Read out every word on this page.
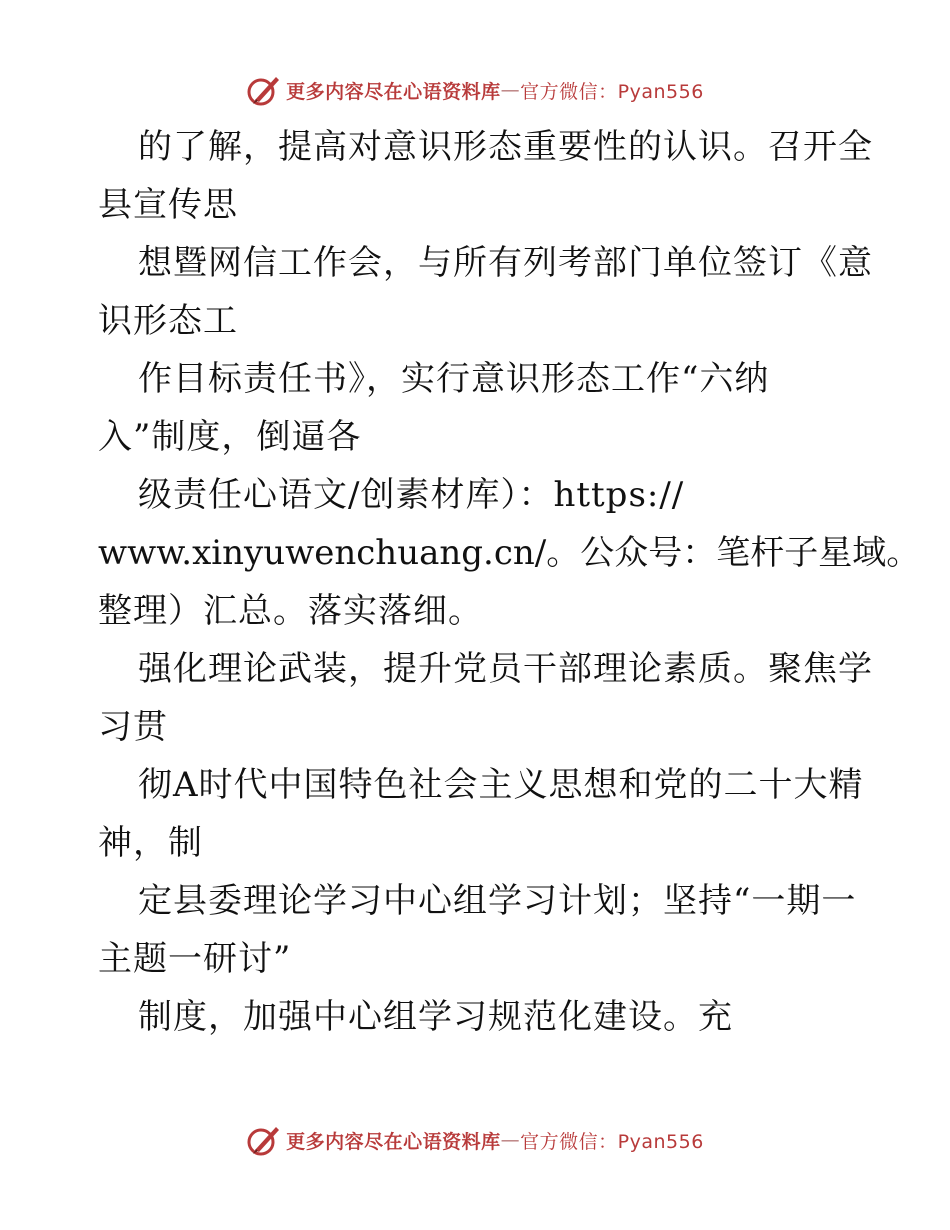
更多内容尽在心语资料库 — 官方微信：Pyan556
的了解，提高对意识形态重要性的认识。召开全
县宣传思
想暨网信工作会，与所有列考部门单位签订《意
识形态工
作目标责任书》，实行意识形态工作“六纳
入”制度，倒逼各
级责任心语文/创素材库）：https://
www.xinyuwenchuang.cn/。公众号：笔杆子星域。
整理）汇总。落实落细。
强化理论武装，提升党员干部理论素质。聚焦学
习贯
彻A时代中国特色社会主义思想和党的二十大精
神，制
定县委理论学习中心组学习计划；坚持“一期一
主题一研讨”
制度，加强中心组学习规范化建设。充
更多内容尽在心语资料库 — 官方微信：Pyan556
